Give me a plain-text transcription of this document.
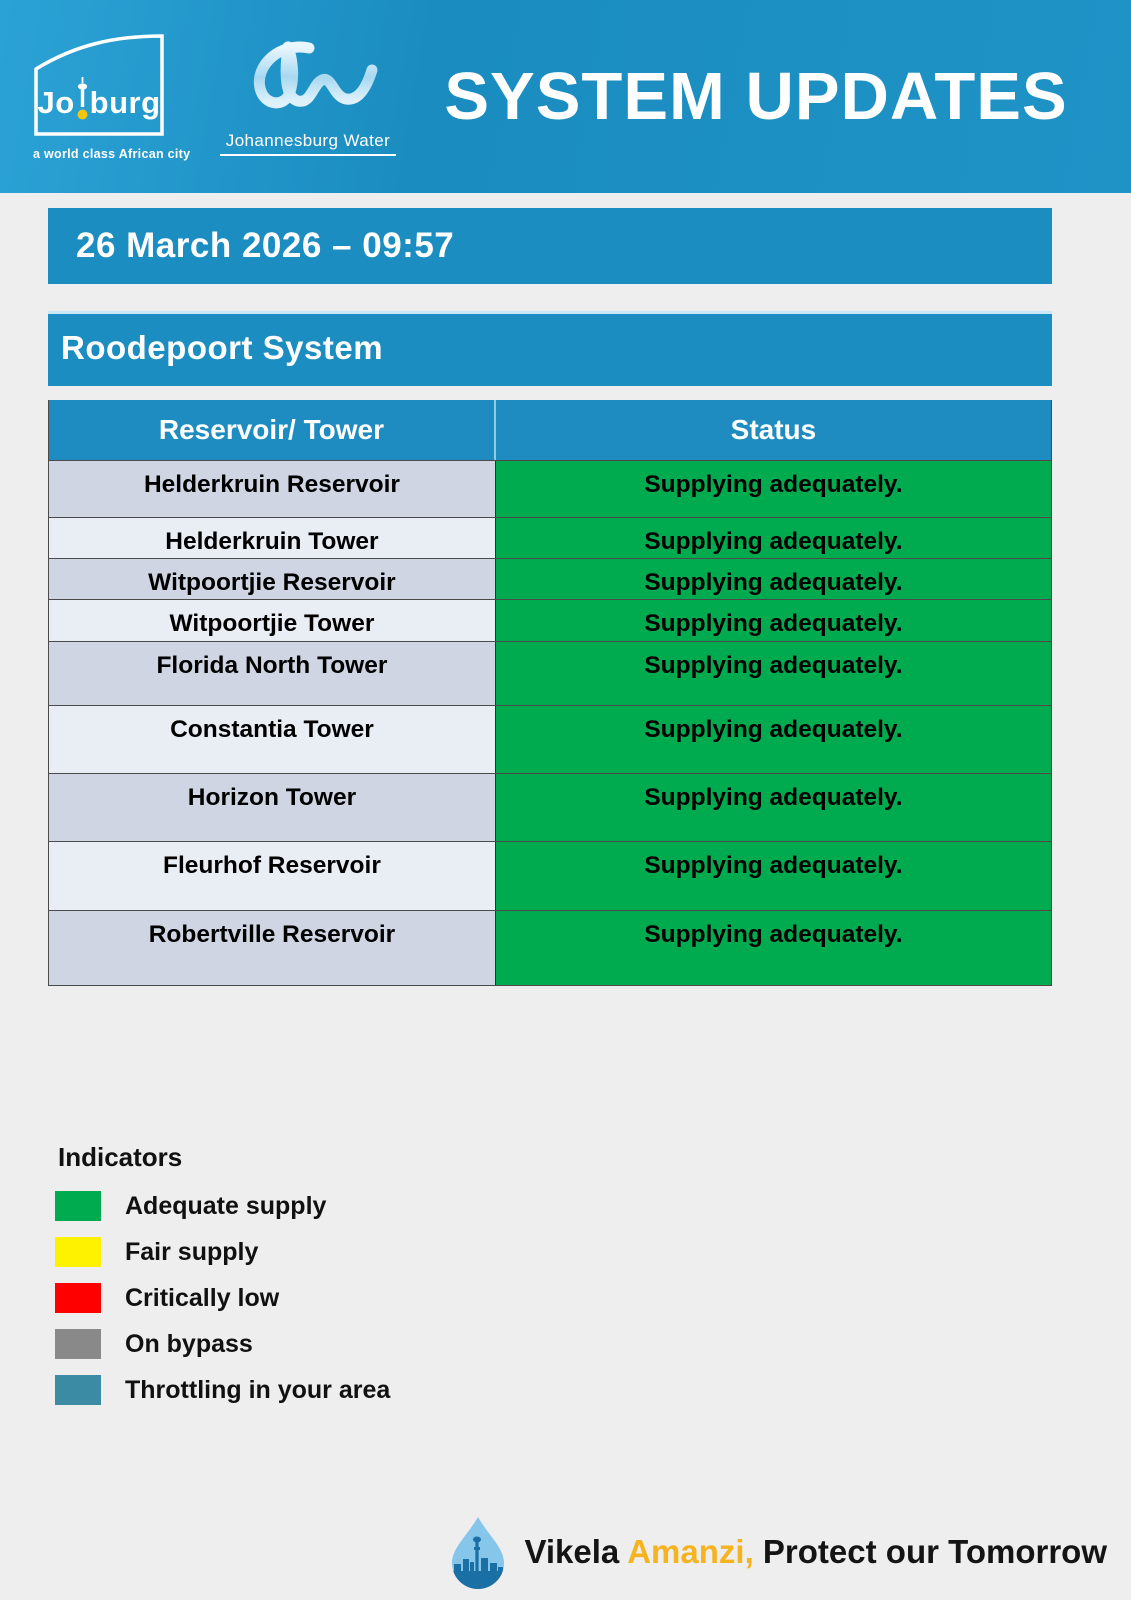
Jo burg
a world class African city
Johannesburg Water
SYSTEM UPDATES
26 March 2026 – 09:57
Roodepoort System
Reservoir/ Tower	Status
Helderkruin Reservoir	Supplying adequately.
Helderkruin Tower	Supplying adequately.
Witpoortjie Reservoir	Supplying adequately.
Witpoortjie Tower	Supplying adequately.
Florida North Tower	Supplying adequately.
Constantia Tower	Supplying adequately.
Horizon Tower	Supplying adequately.
Fleurhof Reservoir	Supplying adequately.
Robertville Reservoir	Supplying adequately.
Indicators
Adequate supply
Fair supply
Critically low
On bypass
Throttling in your area
Vikela Amanzi, Protect our Tomorrow
